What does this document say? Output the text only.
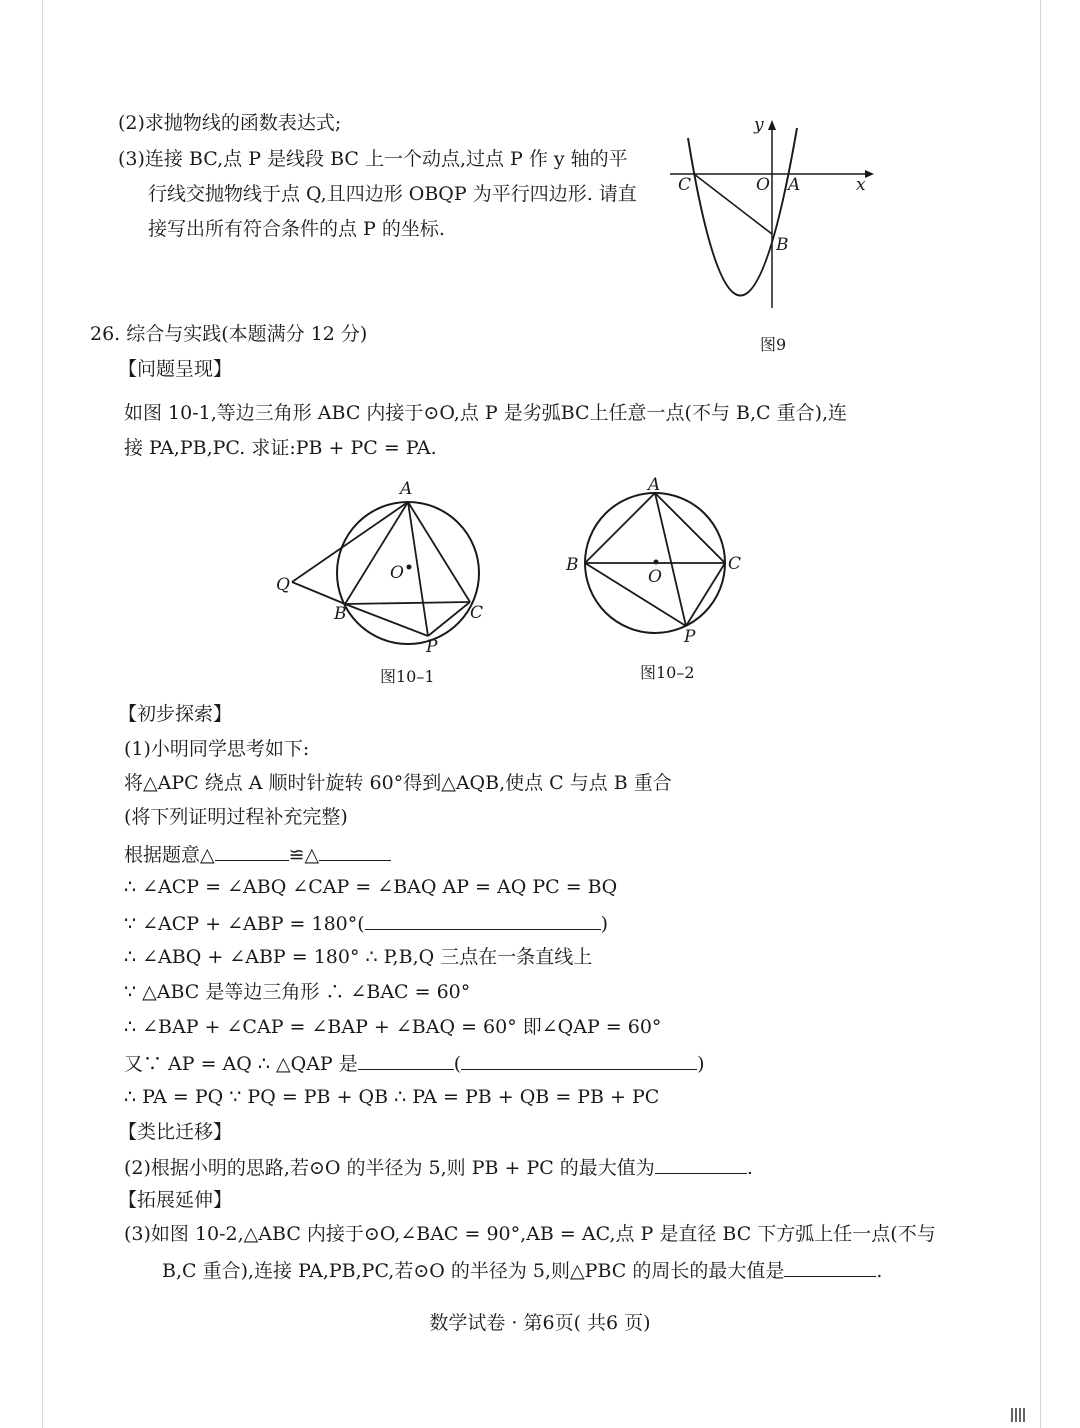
(2)求抛物线的函数表达式;
(3)连接 BC,点 P 是线段 BC 上一个动点,过点 P 作 y 轴的平
行线交抛物线于点 Q,且四边形 OBQP 为平行四边形. 请直
接写出所有符合条件的点 P 的坐标.
y
x
O A
C
B
图9
26. 综合与实践(本题满分 12 分)
【问题呈现】
如图 10-1,等边三角形 ABC 内接于⊙O,点 P 是劣弧BC上任意一点(不与 B,C 重合),连
接 PA,PB,PC. 求证:PB + PC = PA.
A
B	C
O
P
Q
图10–1
A
B	C
O
P
图10–2
【初步探索】
(1)小明同学思考如下:
将△APC 绕点 A 顺时针旋转 60°得到△AQB,使点 C 与点 B 重合
(将下列证明过程补充完整)
根据题意△	≌△
∴ ∠ACP = ∠ABQ ∠CAP = ∠BAQ AP = AQ PC = BQ
∵ ∠ACP + ∠ABP = 180°(	)
∴ ∠ABQ + ∠ABP = 180° ∴ P,B,Q 三点在一条直线上
∵ △ABC 是等边三角形 ∴ ∠BAC = 60°
∴ ∠BAP + ∠CAP = ∠BAP + ∠BAQ = 60° 即∠QAP = 60°
又∵ AP = AQ ∴ △QAP 是	(	)
∴ PA = PQ ∵ PQ = PB + QB ∴ PA = PB + QB = PB + PC
【类比迁移】
(2)根据小明的思路,若⊙O 的半径为 5,则 PB + PC 的最大值为	.
【拓展延伸】
(3)如图 10-2,△ABC 内接于⊙O,∠BAC = 90°,AB = AC,点 P 是直径 BC 下方弧上任一点(不与
B,C 重合),连接 PA,PB,PC,若⊙O 的半径为 5,则△PBC 的周长的最大值是	.
数学试卷 · 第6页( 共6 页)
